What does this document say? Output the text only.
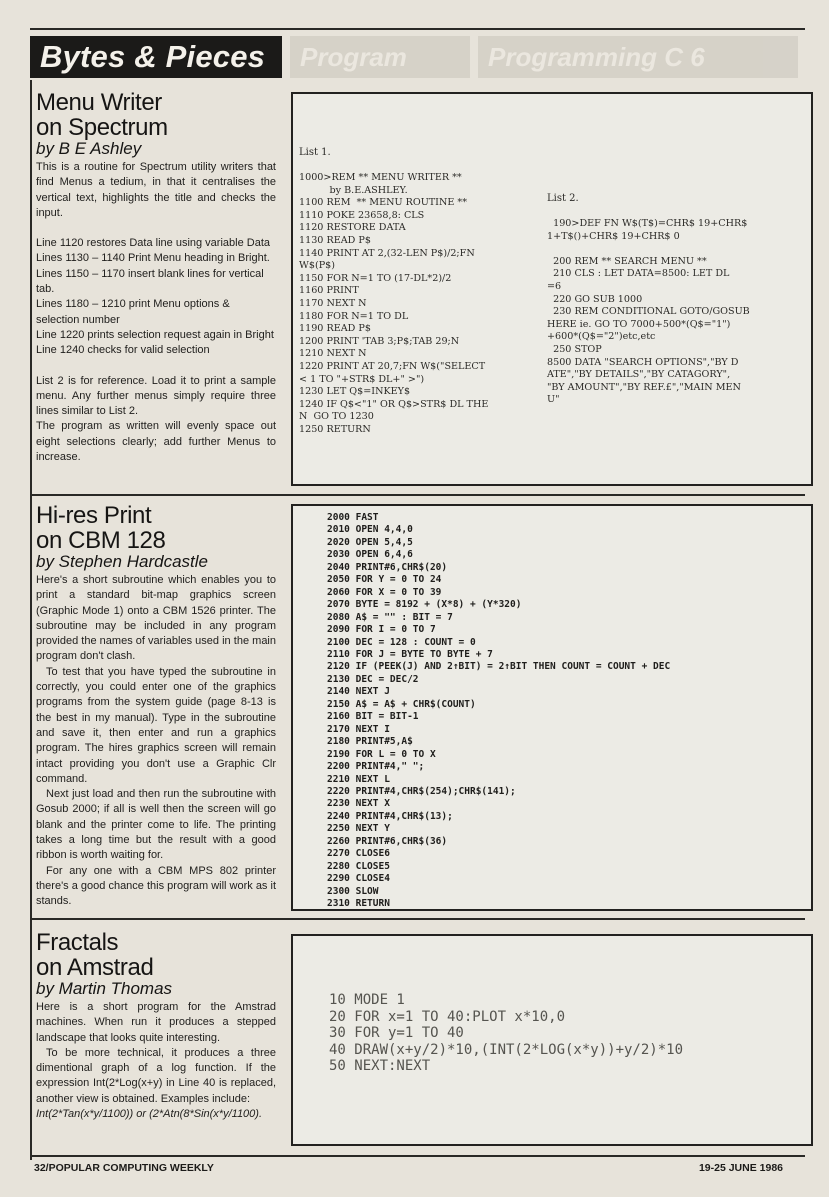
Bytes & Pieces	Program	Programming C 6
Menu Writer
on Spectrum
by B E Ashley

This is a routine for Spectrum utility writers that find Menus a tedium, in that it centralises the vertical text, highlights the title and checks the input.

Line 1120 restores Data line using variable Data

Lines 1130 – 1140 Print Menu heading in Bright.

Lines 1150 – 1170 insert blank lines for vertical tab.

Lines 1180 – 1210 print Menu options & selection number

Line 1220 prints selection request again in Bright

Line 1240 checks for valid selection

List 2 is for reference. Load it to print a sample menu. Any further menus simply require three lines similar to List 2.

The program as written will evenly space out eight selections clearly; add further Menus to increase.

Hi-res Print
on CBM 128
by Stephen Hardcastle

Here's a short subroutine which enables you to print a standard bit-map graphics screen (Graphic Mode 1) onto a CBM 1526 printer. The subroutine may be included in any program provided the names of variables used in the main program don't clash.

To test that you have typed the subroutine in correctly, you could enter one of the graphics programs from the system guide (page 8-13 is the best in my manual). Type in the subroutine and save it, then enter and run a graphics program. The hires graphics screen will remain intact providing you don't use a Graphic Clr command.

Next just load and then run the subroutine with Gosub 2000; if all is well then the screen will go blank and the printer come to life. The printing takes a long time but the result with a good ribbon is worth waiting for.

For any one with a CBM MPS 802 printer there's a good chance this program will work as it stands.

Fractals
on Amstrad
by Martin Thomas

Here is a short program for the Amstrad machines. When run it produces a stepped landscape that looks quite interesting.

To be more technical, it produces a three dimentional graph of a log function. If the expression Int(2*Log(x+y) in Line 40 is replaced, another view is obtained. Examples include:

Int(2*Tan(x*y/1100)) or (2*Atn(8*Sin(x*y/1100).

List 1.
1000>REM ** MENU WRITER **
by B.E.ASHLEY.
1100 REM  ** MENU ROUTINE **
1110 POKE 23658,8: CLS
1120 RESTORE DATA
1130 READ P$
1140 PRINT AT 2,(32-LEN P$)/2;FN
W$(P$)
1150 FOR N=1 TO (17-DL*2)/2
1160 PRINT
1170 NEXT N
1180 FOR N=1 TO DL
1190 READ P$
1200 PRINT 'TAB 3;P$;TAB 29;N
1210 NEXT N
1220 PRINT AT 20,7;FN W$("SELECT
< 1 TO "+STR$ DL+" >")
1230 LET Q$=INKEY$
1240 IF Q$<"1" OR Q$>STR$ DL THE
N  GO TO 1230
1250 RETURN
List 2.
190>DEF FN W$(T$)=CHR$ 19+CHR$
1+T$()+CHR$ 19+CHR$ 0

200 REM ** SEARCH MENU **
210 CLS : LET DATA=8500: LET DL
=6
220 GO SUB 1000
230 REM CONDITIONAL GOTO/GOSUB
HERE ie. GO TO 7000+500*(Q$="1")
+600*(Q$="2")etc,etc
250 STOP
8500 DATA "SEARCH OPTIONS","BY D
ATE","BY DETAILS","BY CATAGORY",
"BY AMOUNT","BY REF.£","MAIN MEN
U"
2000 FAST
2010 OPEN 4,4,0
2020 OPEN 5,4,5
2030 OPEN 6,4,6
2040 PRINT#6,CHR$(20)
2050 FOR Y = 0 TO 24
2060 FOR X = 0 TO 39
2070 BYTE = 8192 + (X*8) + (Y*320)
2080 A$ = "" : BIT = 7
2090 FOR I = 0 TO 7
2100 DEC = 128 : COUNT = 0
2110 FOR J = BYTE TO BYTE + 7
2120 IF (PEEK(J) AND 2↑BIT) = 2↑BIT THEN COUNT = COUNT + DEC
2130 DEC = DEC/2
2140 NEXT J
2150 A$ = A$ + CHR$(COUNT)
2160 BIT = BIT-1
2170 NEXT I
2180 PRINT#5,A$
2190 FOR L = 0 TO X
2200 PRINT#4," ";
2210 NEXT L
2220 PRINT#4,CHR$(254);CHR$(141);
2230 NEXT X
2240 PRINT#4,CHR$(13);
2250 NEXT Y
2260 PRINT#6,CHR$(36)
2270 CLOSE6
2280 CLOSE5
2290 CLOSE4
2300 SLOW
2310 RETURN
10 MODE 1
20 FOR x=1 TO 40:PLOT x*10,0
30 FOR y=1 TO 40
40 DRAW(x+y/2)*10,(INT(2*LOG(x*y))+y/2)*10
50 NEXT:NEXT
32/POPULAR COMPUTING WEEKLY	19-25 JUNE 1986
